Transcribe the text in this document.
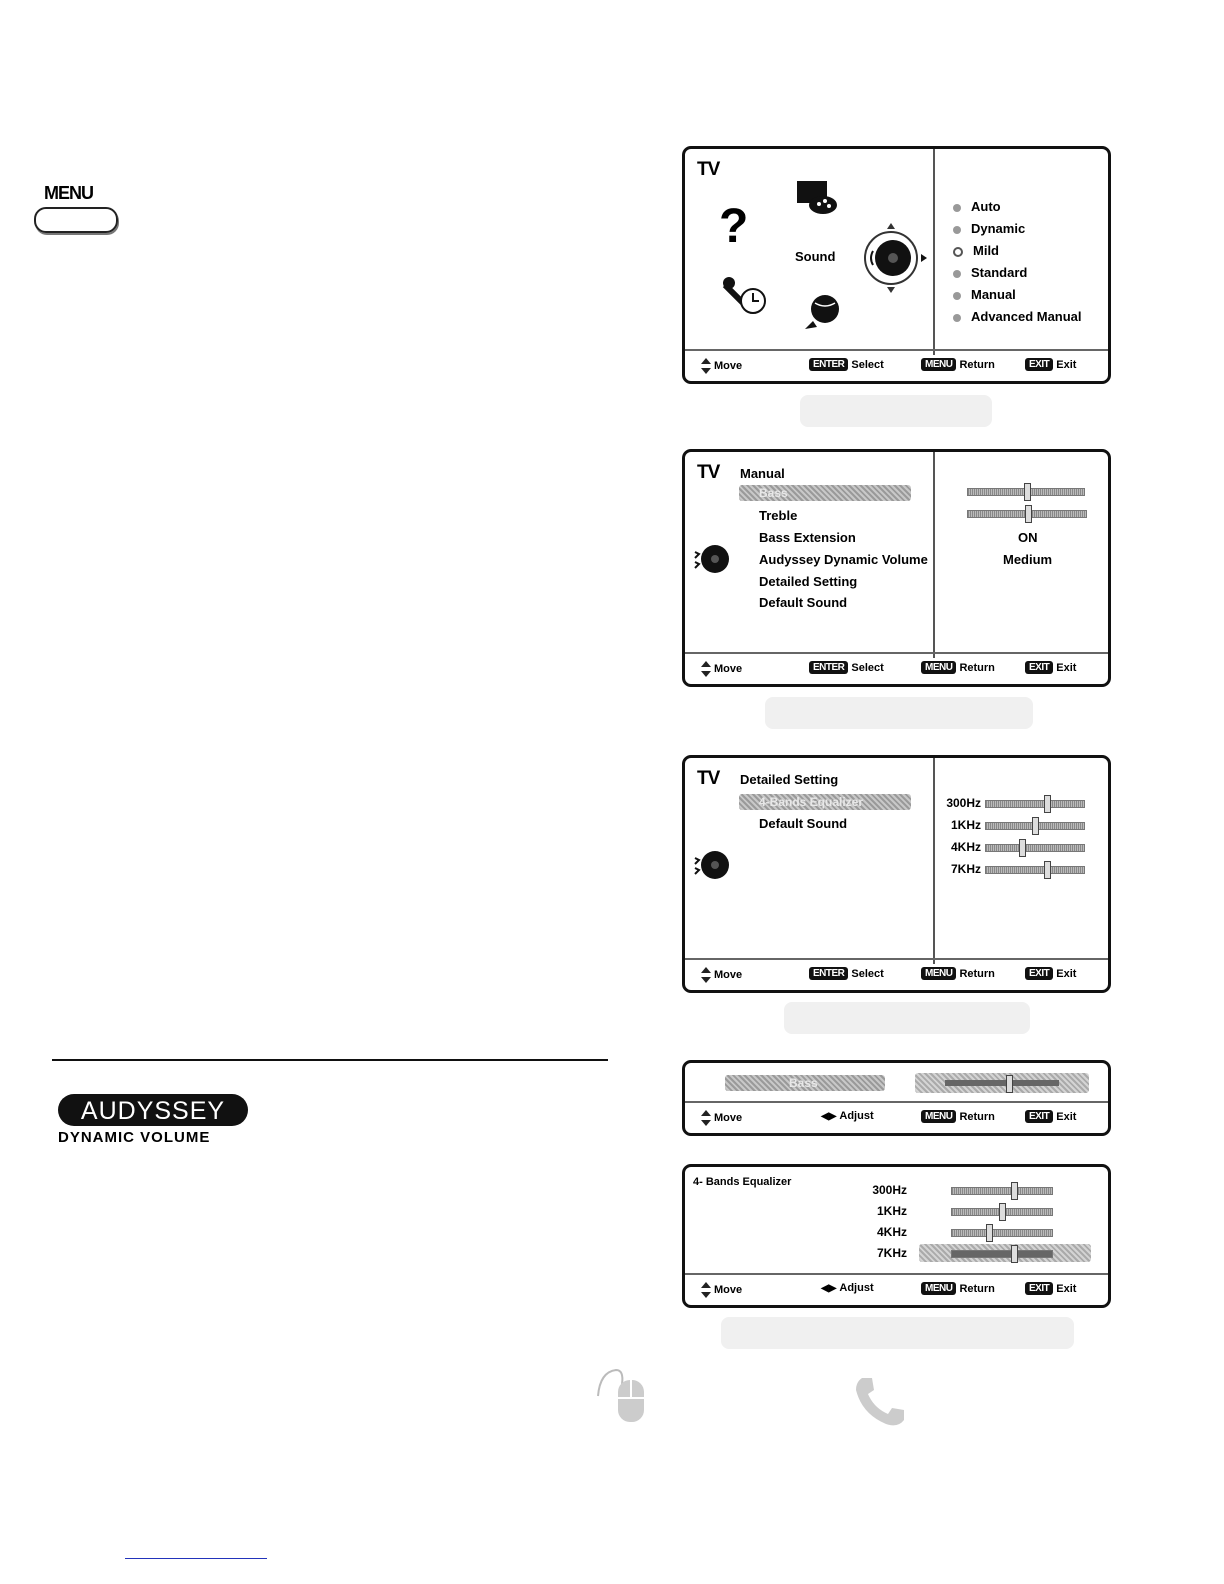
MENU
TV
?
Sound
Auto
Dynamic
Mild
Standard
Manual
Advanced Manual
Move	ENTER Select	MENU Return	EXIT Exit
TV Manual
Bass
Treble
Bass Extension
Audyssey Dynamic Volume
Detailed Setting
Default Sound
ON
Medium
Move	ENTER Select	MENU Return	EXIT Exit
TV Detailed Setting
4-Bands Equalizer
Default Sound
300Hz
1KHz
4KHz
7KHz
Move	ENTER Select	MENU Return	EXIT Exit
Bass
Move	◀▶ Adjust	MENU Return	EXIT Exit
4- Bands Equalizer
300Hz
1KHz
4KHz
7KHz
Move	◀▶ Adjust	MENU Return	EXIT Exit
AUDYSSEY
DYNAMIC VOLUME
